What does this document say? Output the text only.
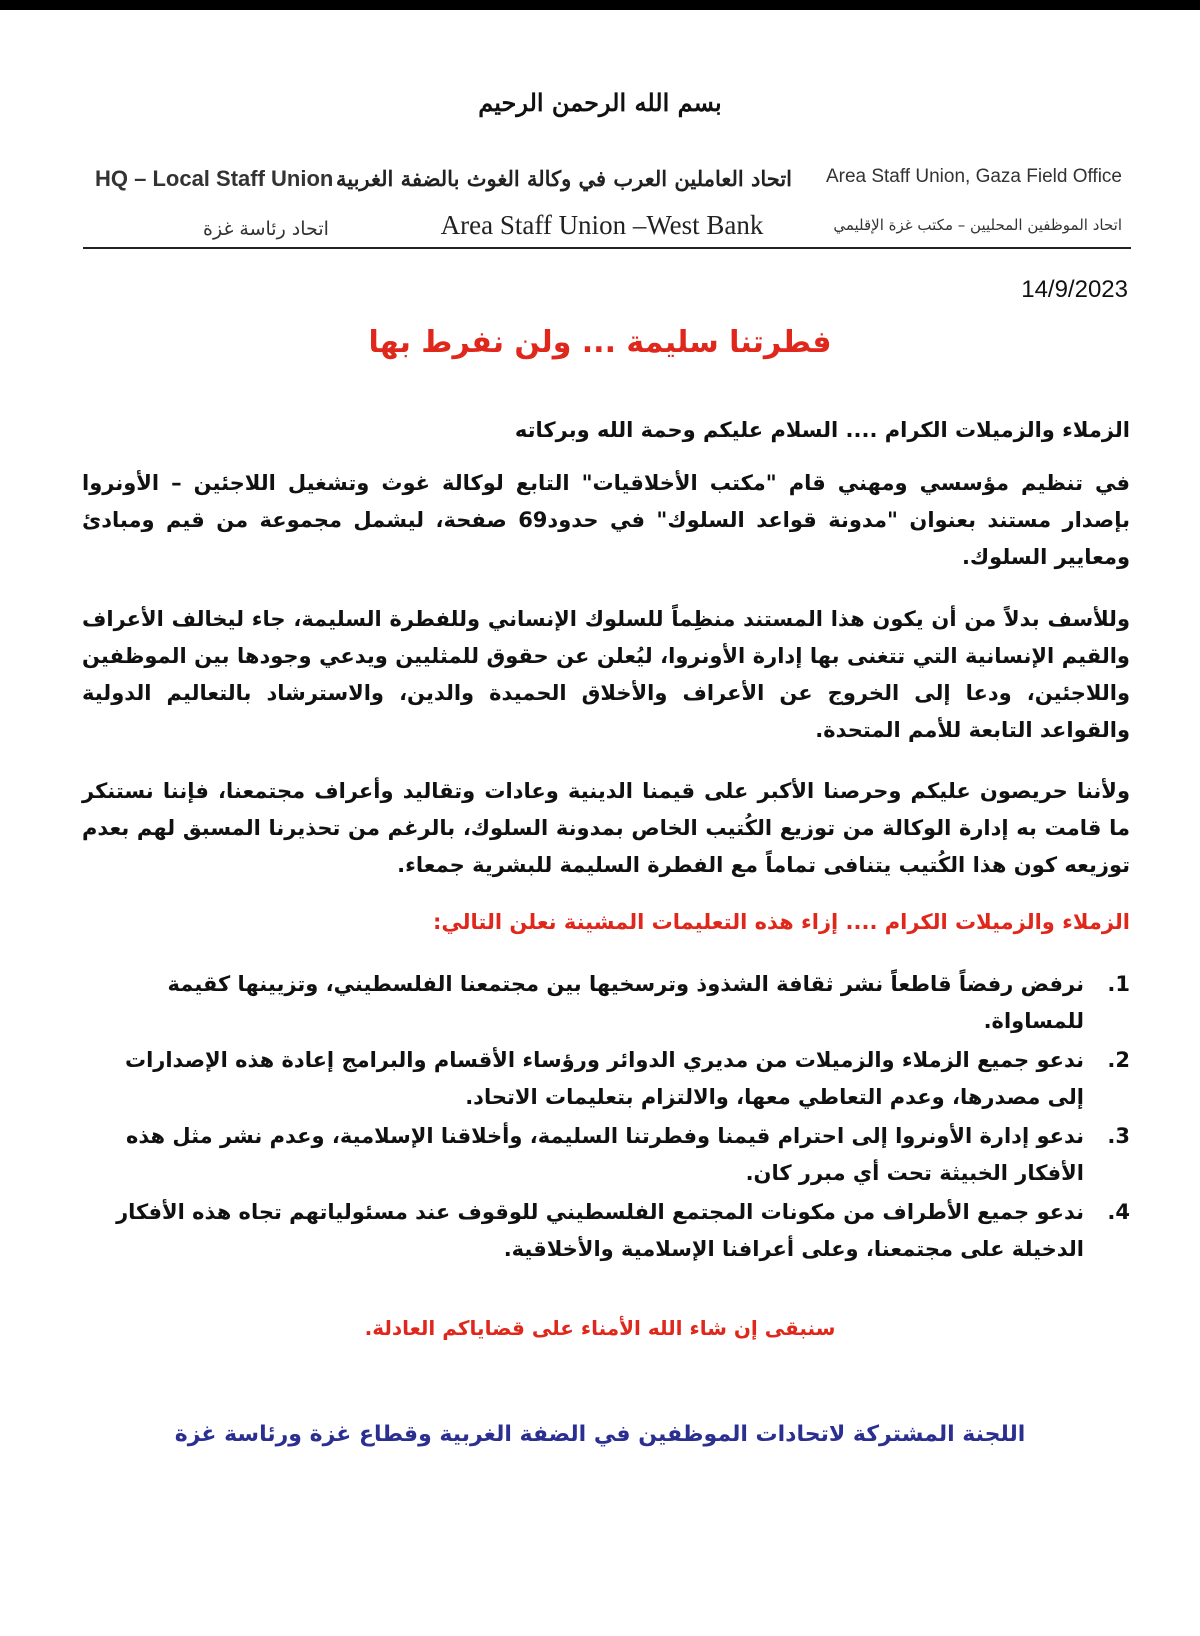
بسم الله الرحمن الرحيم
HQ – Local Staff Union
اتحاد رئاسة غزة
اتحاد العاملين العرب في وكالة الغوث بالضفة الغربية
Area Staff Union –West Bank
Area Staff Union, Gaza Field Office
اتحاد الموظفين المحليين – مكتب غزة الإقليمي
14/9/2023
فطرتنا سليمة ... ولن نفرط بها
الزملاء والزميلات الكرام .... السلام عليكم وحمة الله وبركاته
في تنظيم مؤسسي ومهني قام "مكتب الأخلاقيات" التابع لوكالة غوث وتشغيل اللاجئين – الأونروا بإصدار مستند بعنوان "مدونة قواعد السلوك" في حدود69 صفحة، ليشمل مجموعة من قيم ومبادئ ومعايير السلوك.
وللأسف بدلاً من أن يكون هذا المستند منظِماً للسلوك الإنساني وللفطرة السليمة، جاء ليخالف الأعراف والقيم الإنسانية التي تتغنى بها إدارة الأونروا، ليُعلن عن حقوق للمثليين ويدعي وجودها بين الموظفين واللاجئين، ودعا إلى الخروج عن الأعراف والأخلاق الحميدة والدين، والاسترشاد بالتعاليم الدولية والقواعد التابعة للأمم المتحدة.
ولأننا حريصون عليكم وحرصنا الأكبر على قيمنا الدينية وعادات وتقاليد وأعراف مجتمعنا، فإننا نستنكر ما قامت به إدارة الوكالة من توزيع الكُتيب الخاص بمدونة السلوك، بالرغم من تحذيرنا المسبق لهم بعدم توزيعه كون هذا الكُتيب يتنافى تماماً مع الفطرة السليمة للبشرية جمعاء.
الزملاء والزميلات الكرام .... إزاء هذه التعليمات المشينة نعلن التالي:
1.
نرفض رفضاً قاطعاً نشر ثقافة الشذوذ وترسخيها بين مجتمعنا الفلسطيني، وتزيينها كقيمة للمساواة.
2.
ندعو جميع الزملاء والزميلات من مديري الدوائر ورؤساء الأقسام والبرامج إعادة هذه الإصدارات إلى مصدرها، وعدم التعاطي معها، والالتزام بتعليمات الاتحاد.
3.
ندعو إدارة الأونروا إلى احترام قيمنا وفطرتنا السليمة، وأخلاقنا الإسلامية، وعدم نشر مثل هذه الأفكار الخبيثة تحت أي مبرر كان.
4.
ندعو جميع الأطراف من مكونات المجتمع الفلسطيني للوقوف عند مسئولياتهم تجاه هذه الأفكار الدخيلة على مجتمعنا، وعلى أعرافنا الإسلامية والأخلاقية.
سنبقى إن شاء الله الأمناء على قضاياكم العادلة.
اللجنة المشتركة لاتحادات الموظفين في الضفة الغربية وقطاع غزة ورئاسة غزة
